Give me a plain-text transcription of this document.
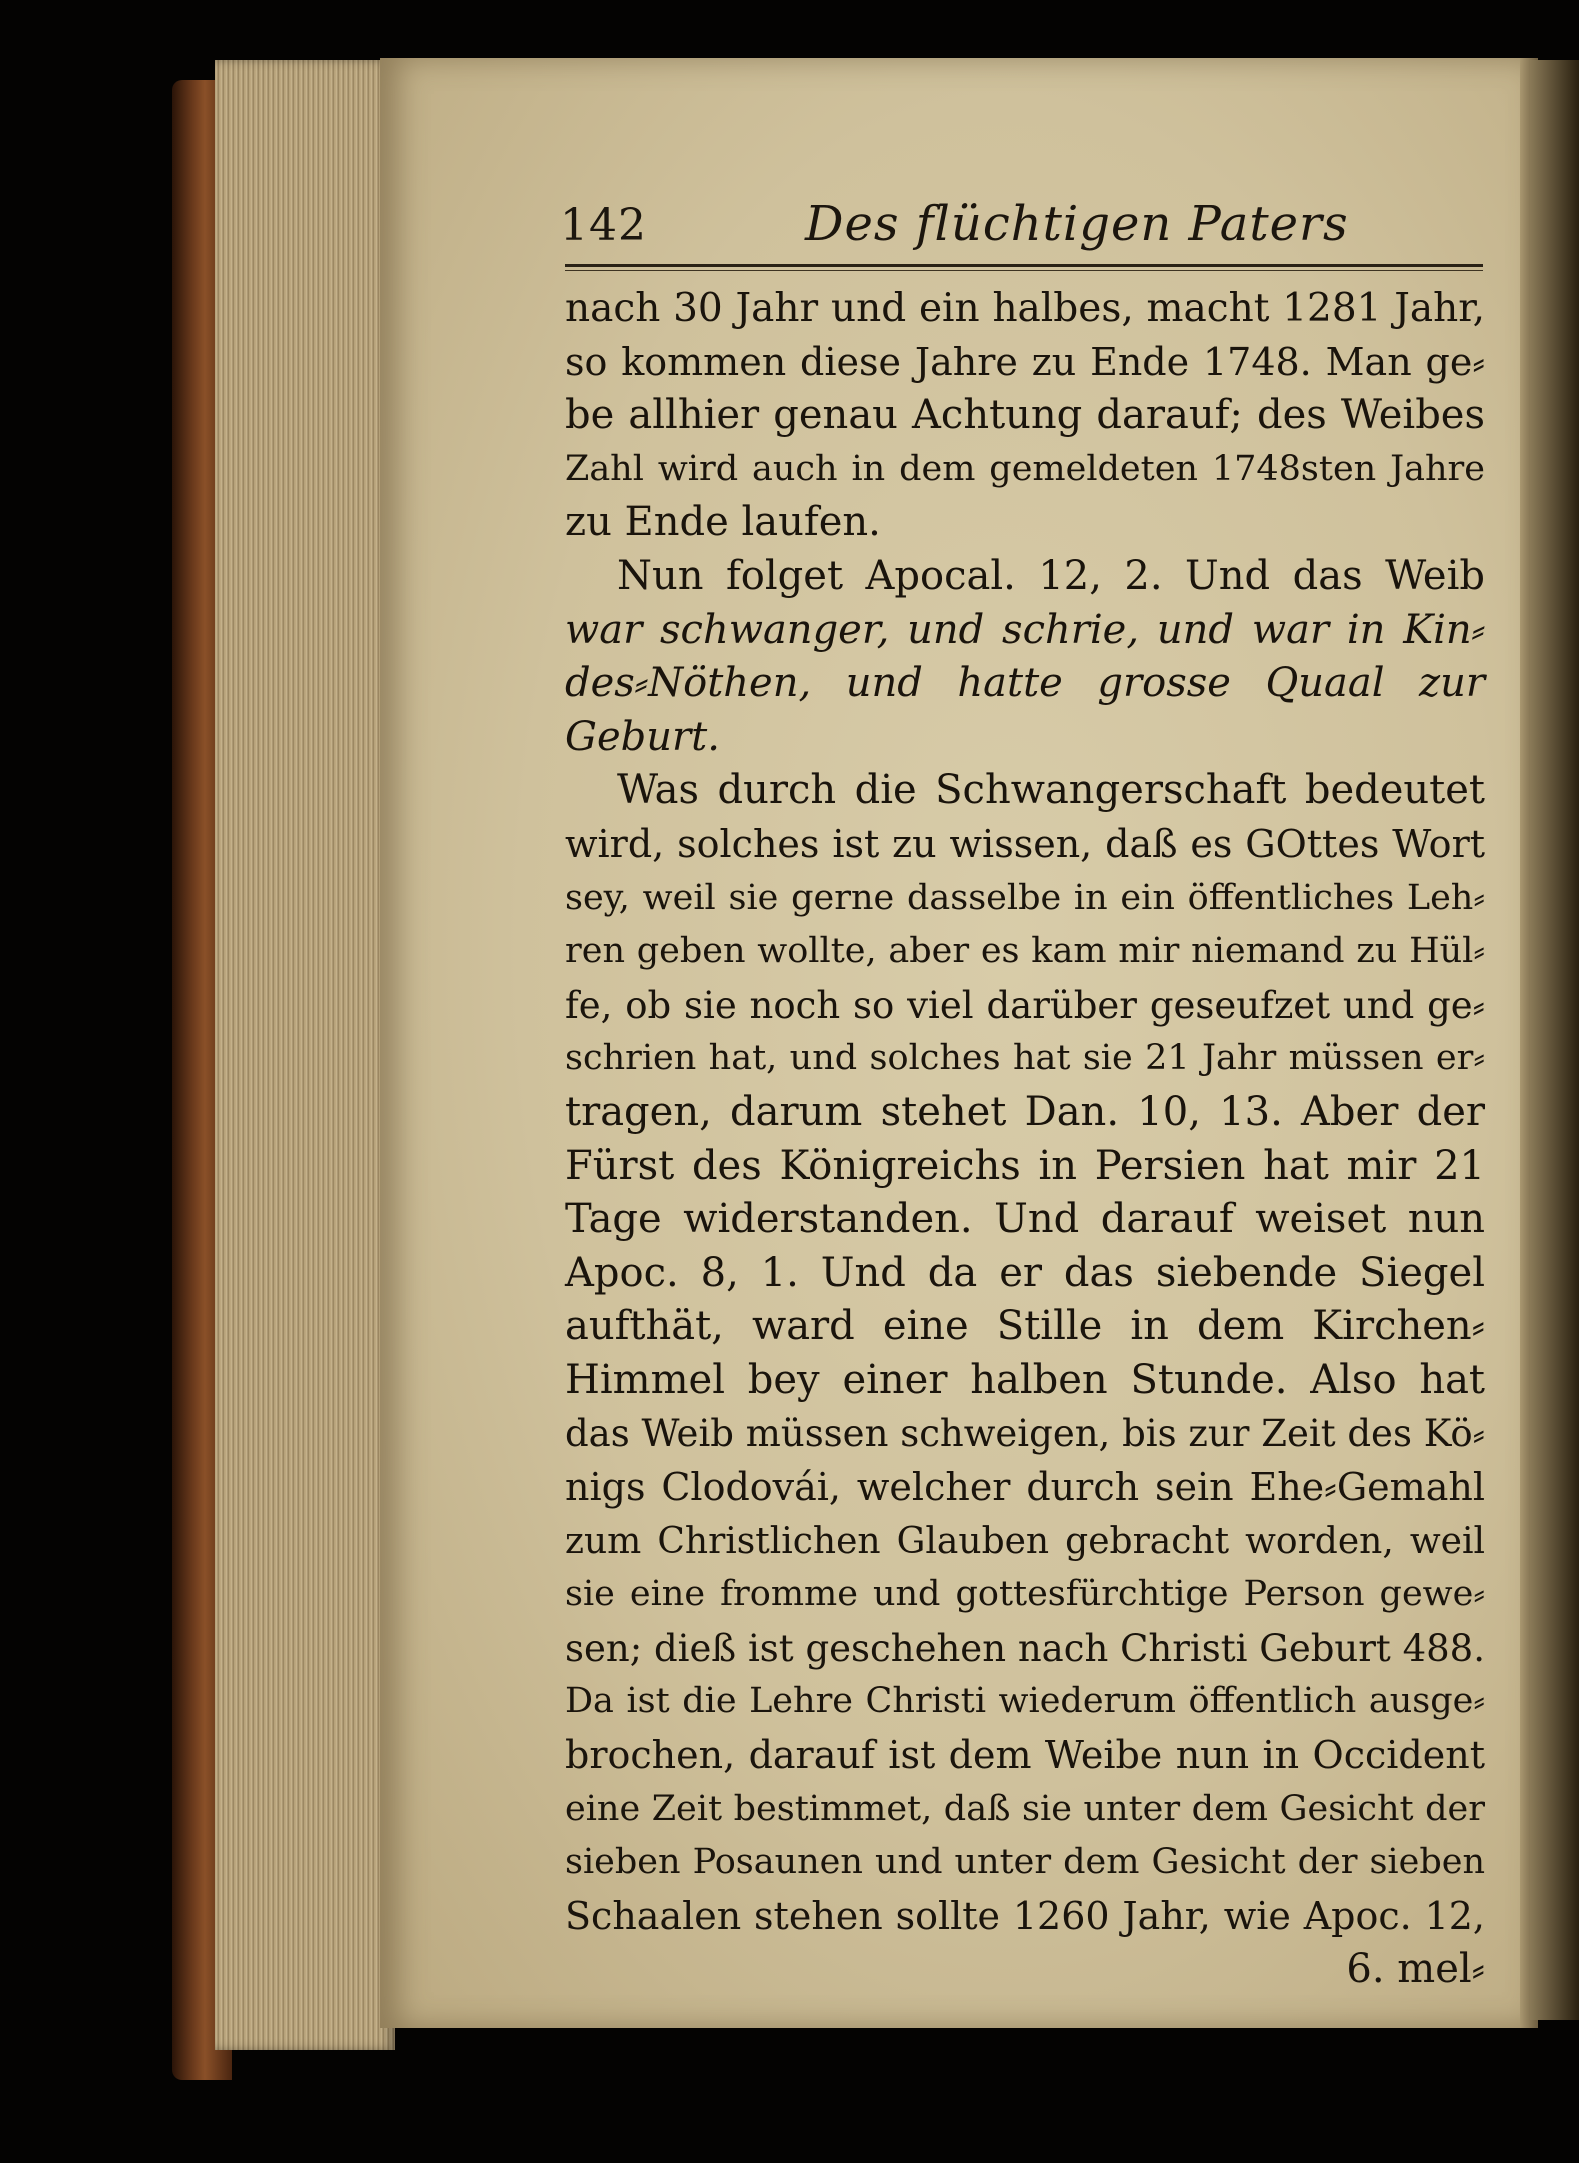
142	Des flüchtigen Paters
nach 30 Jahr und ein halbes, macht 1281 Jahr,
so kommen diese Jahre zu Ende 1748. Man ge⸗
be allhier genau Achtung darauf; des Weibes
Zahl wird auch in dem gemeldeten 1748sten Jahre
zu Ende laufen.
Nun folget Apocal. 12, 2. Und das Weib
war schwanger, und schrie, und war in Kin⸗
des⸗Nöthen, und hatte grosse Quaal zur
Geburt.
Was durch die Schwangerschaft bedeutet
wird, solches ist zu wissen, daß es GOttes Wort
sey, weil sie gerne dasselbe in ein öffentliches Leh⸗
ren geben wollte, aber es kam mir niemand zu Hül⸗
fe, ob sie noch so viel darüber geseufzet und ge⸗
schrien hat, und solches hat sie 21 Jahr müssen er⸗
tragen, darum stehet Dan. 10, 13. Aber der
Fürst des Königreichs in Persien hat mir 21
Tage widerstanden. Und darauf weiset nun
Apoc. 8, 1. Und da er das siebende Siegel
aufthät, ward eine Stille in dem Kirchen⸗
Himmel bey einer halben Stunde. Also hat
das Weib müssen schweigen, bis zur Zeit des Kö⸗
nigs Clodovái, welcher durch sein Ehe⸗Gemahl
zum Christlichen Glauben gebracht worden, weil
sie eine fromme und gottesfürchtige Person gewe⸗
sen; dieß ist geschehen nach Christi Geburt 488.
Da ist die Lehre Christi wiederum öffentlich ausge⸗
brochen, darauf ist dem Weibe nun in Occident
eine Zeit bestimmet, daß sie unter dem Gesicht der
sieben Posaunen und unter dem Gesicht der sieben
Schaalen stehen sollte 1260 Jahr, wie Apoc. 12,
6. mel⸗
